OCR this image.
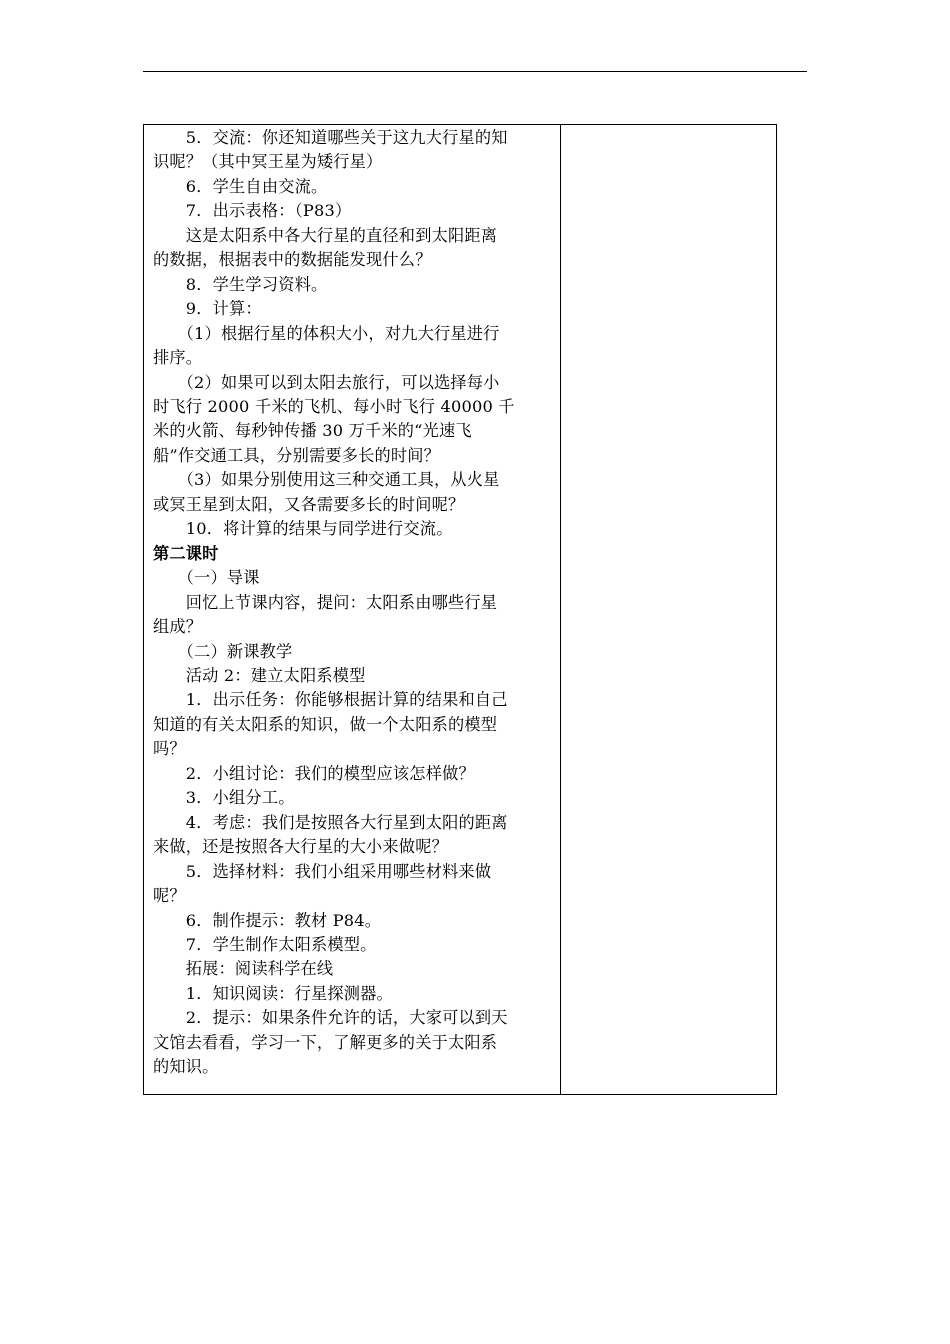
　　5．交流：你还知道哪些关于这九大行星的知

识呢？（其中冥王星为矮行星）

　　6．学生自由交流。

　　7．出示表格：（P83）

　　这是太阳系中各大行星的直径和到太阳距离

的数据，根据表中的数据能发现什么？

　　8．学生学习资料。

　　9．计算：

　　（1）根据行星的体积大小，对九大行星进行

排序。

　　（2）如果可以到太阳去旅行，可以选择每小

时飞行 2000 千米的飞机、每小时飞行 40000 千

米的火箭、每秒钟传播 30 万千米的“光速飞

船”作交通工具，分别需要多长的时间？

　　（3）如果分别使用这三种交通工具，从火星

或冥王星到太阳，又各需要多长的时间呢？

　　10．将计算的结果与同学进行交流。

第二课时

　　（一）导课

　　回忆上节课内容，提问：太阳系由哪些行星

组成？

　　（二）新课教学

　　活动 2：建立太阳系模型

　　1．出示任务：你能够根据计算的结果和自己

知道的有关太阳系的知识，做一个太阳系的模型

吗？

　　2．小组讨论：我们的模型应该怎样做？

　　3．小组分工。

　　4．考虑：我们是按照各大行星到太阳的距离

来做，还是按照各大行星的大小来做呢？

　　5．选择材料：我们小组采用哪些材料来做

呢？

　　6．制作提示：教材 P84。

　　7．学生制作太阳系模型。

　　拓展：阅读科学在线

　　1．知识阅读：行星探测器。

　　2．提示：如果条件允许的话，大家可以到天

文馆去看看，学习一下，了解更多的关于太阳系

的知识。
